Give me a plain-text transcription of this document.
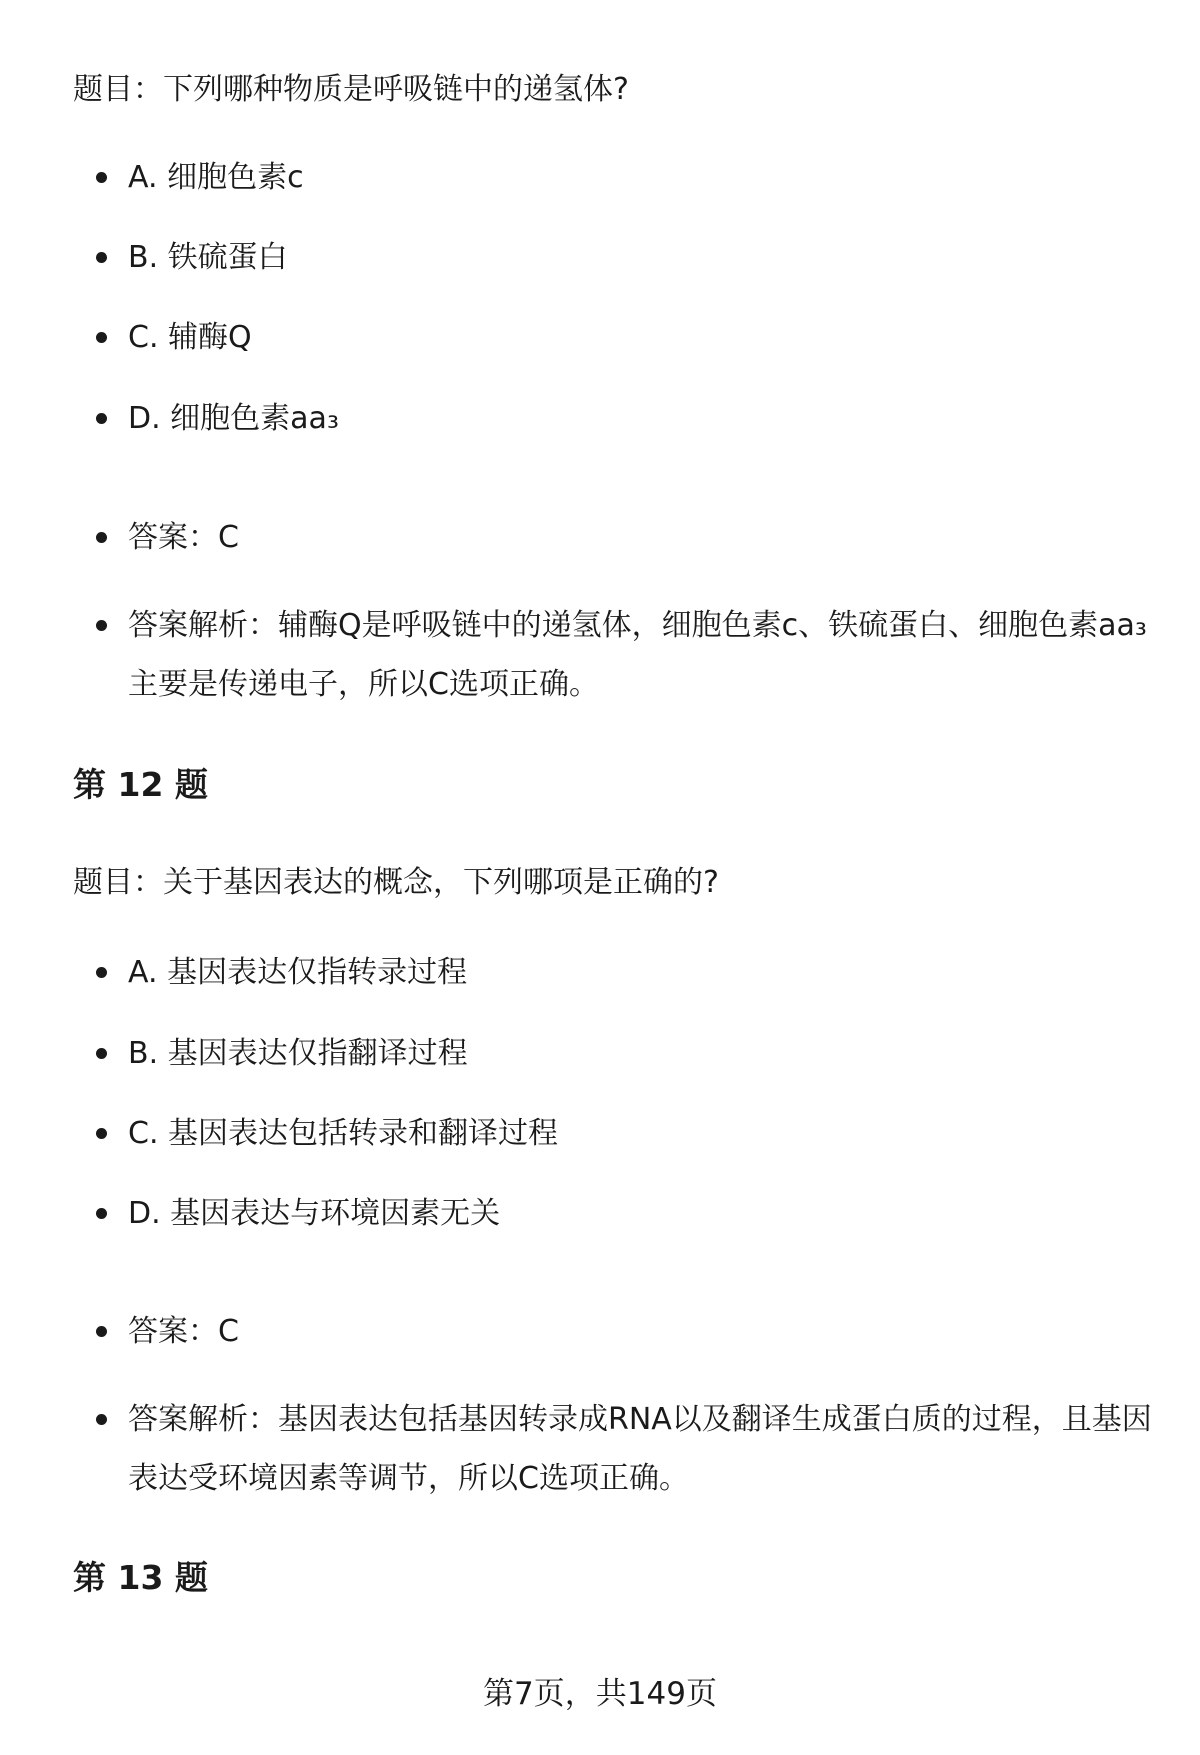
题目：下列哪种物质是呼吸链中的递氢体?

A. 细胞色素c
B. 铁硫蛋白
C. 辅酶Q
D. 细胞色素aa₃
答案：C
答案解析：辅酶Q是呼吸链中的递氢体，细胞色素c、铁硫蛋白、细胞色素aa₃主要是传递电子，所以C选项正确。
第 12 题

题目：关于基因表达的概念，下列哪项是正确的?

A. 基因表达仅指转录过程
B. 基因表达仅指翻译过程
C. 基因表达包括转录和翻译过程
D. 基因表达与环境因素无关
答案：C
答案解析：基因表达包括基因转录成RNA以及翻译生成蛋白质的过程，且基因表达受环境因素等调节，所以C选项正确。
第 13 题
第7页，共149页
